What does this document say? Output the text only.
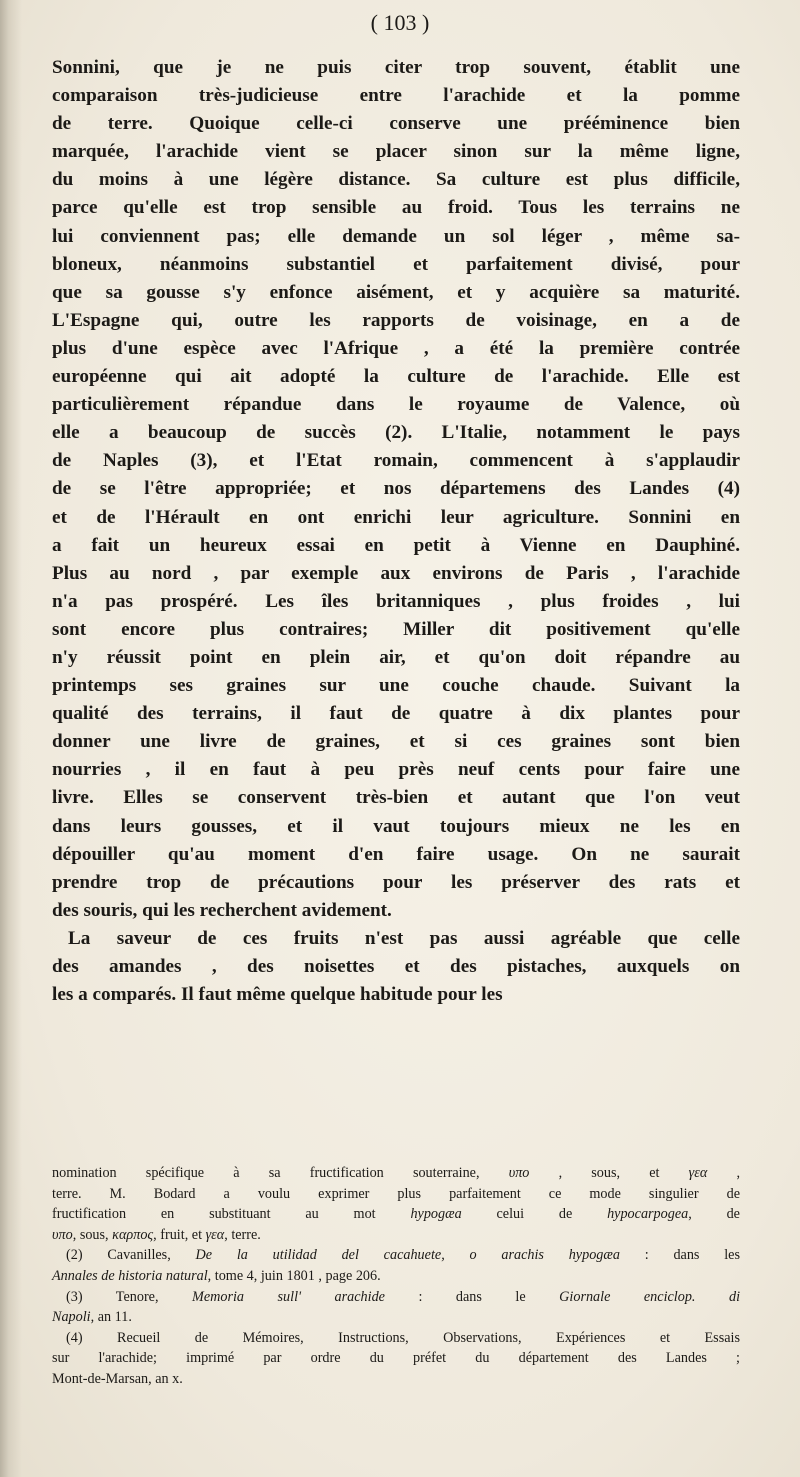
( 103 )
Sonnini, que je ne puis citer trop souvent, établit une
comparaison très-judicieuse entre l'arachide et la pomme
de terre. Quoique celle-ci conserve une prééminence bien
marquée, l'arachide vient se placer sinon sur la même ligne,
du moins à une légère distance. Sa culture est plus difficile,
parce qu'elle est trop sensible au froid. Tous les terrains ne
lui conviennent pas; elle demande un sol léger , même sa-
bloneux, néanmoins substantiel et parfaitement divisé, pour
que sa gousse s'y enfonce aisément, et y acquière sa maturité.
L'Espagne qui, outre les rapports de voisinage, en a de
plus d'une espèce avec l'Afrique , a été la première contrée
européenne qui ait adopté la culture de l'arachide. Elle est
particulièrement répandue dans le royaume de Valence, où
elle a beaucoup de succès (2). L'Italie, notamment le pays
de Naples (3), et l'Etat romain, commencent à s'applaudir
de se l'être appropriée; et nos départemens des Landes (4)
et de l'Hérault en ont enrichi leur agriculture. Sonnini en
a fait un heureux essai en petit à Vienne en Dauphiné.
Plus au nord , par exemple aux environs de Paris , l'arachide
n'a pas prospéré. Les îles britanniques , plus froides , lui
sont encore plus contraires; Miller dit positivement qu'elle
n'y réussit point en plein air, et qu'on doit répandre au
printemps ses graines sur une couche chaude. Suivant la
qualité des terrains, il faut de quatre à dix plantes pour
donner une livre de graines, et si ces graines sont bien
nourries , il en faut à peu près neuf cents pour faire une
livre. Elles se conservent très-bien et autant que l'on veut
dans leurs gousses, et il vaut toujours mieux ne les en
dépouiller qu'au moment d'en faire usage. On ne saurait
prendre trop de précautions pour les préserver des rats et
des souris, qui les recherchent avidement.
La saveur de ces fruits n'est pas aussi agréable que celle
des amandes , des noisettes et des pistaches, auxquels on
les a comparés. Il faut même quelque habitude pour les
nomination spécifique à sa fructification souterraine, υπο , sous, et γεα ,
terre. M. Bodard a voulu exprimer plus parfaitement ce mode singulier de
fructification en substituant au mot hypogæa celui de hypocarpogea, de
υπο, sous, καρπος, fruit, et γεα, terre.
(2) Cavanilles, De la utilidad del cacahuete, o arachis hypogæa : dans les
Annales de historia natural, tome 4, juin 1801 , page 206.
(3) Tenore, Memoria sull' arachide : dans le Giornale enciclop. di
Napoli, an 11.
(4) Recueil de Mémoires, Instructions, Observations, Expériences et Essais
sur l'arachide; imprimé par ordre du préfet du département des Landes ;
Mont-de-Marsan, an x.
